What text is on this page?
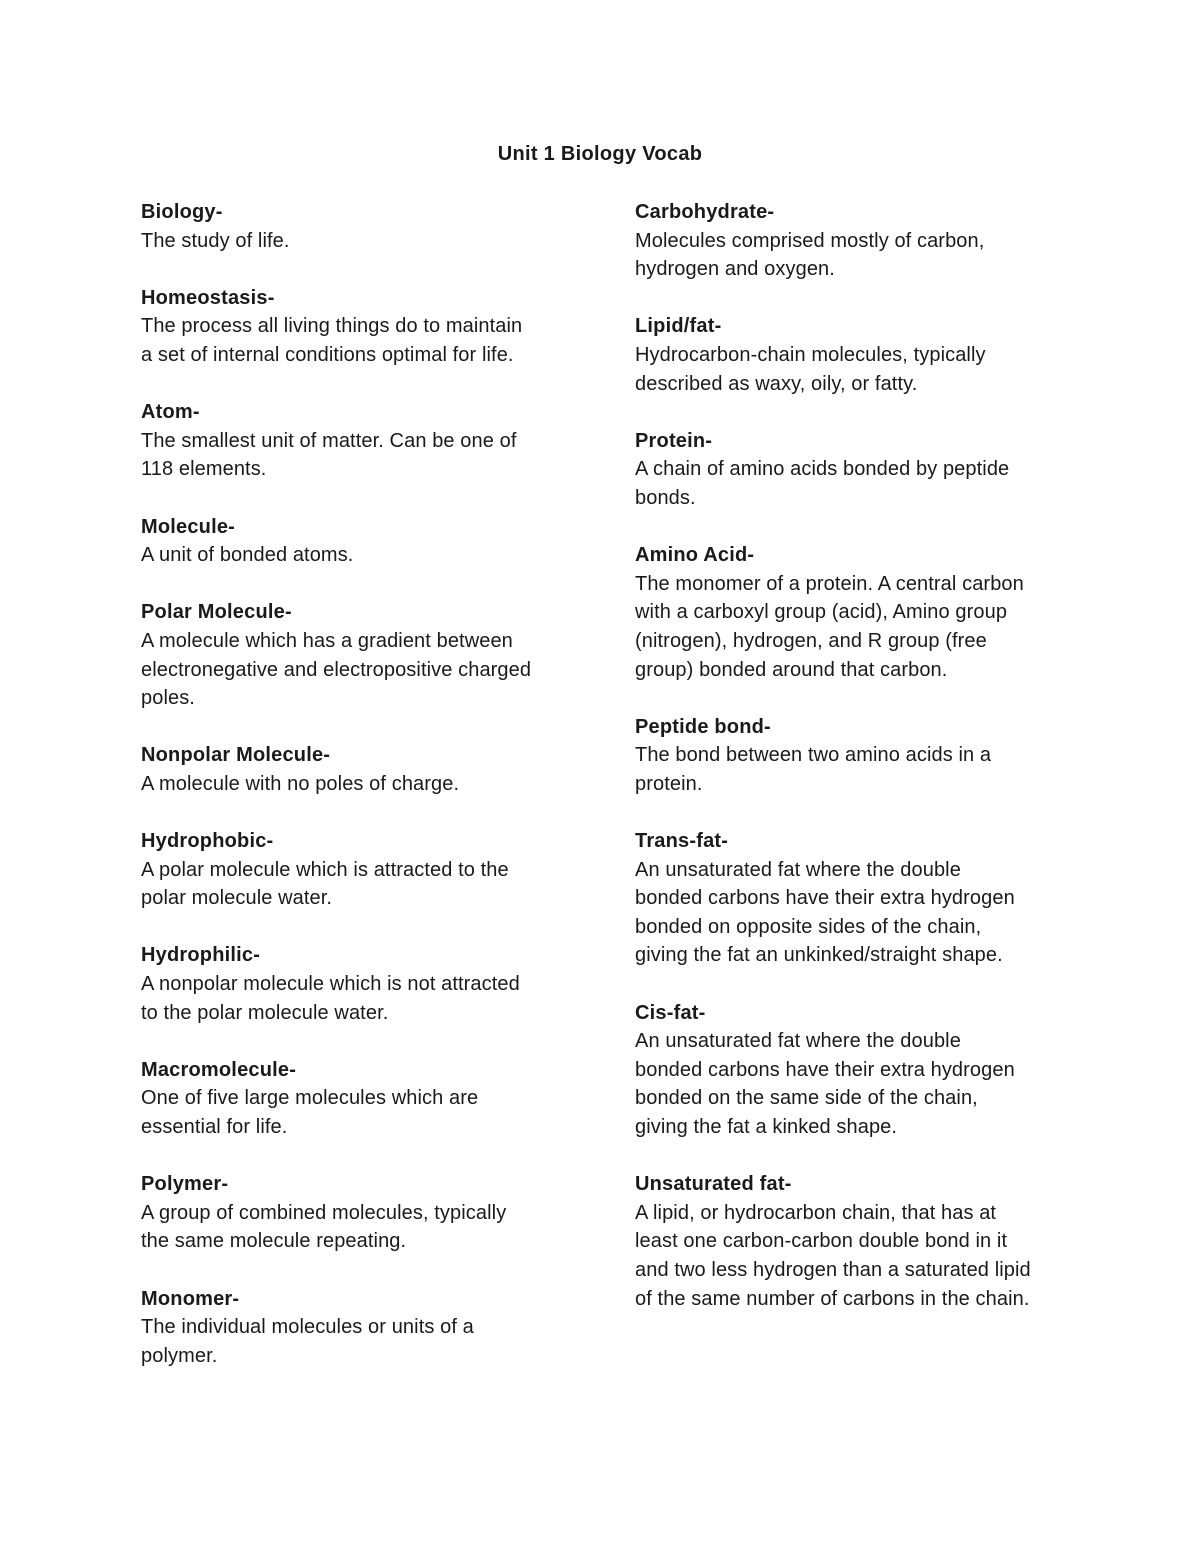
Unit 1 Biology Vocab
Biology-
The study of life.
Homeostasis-
The process all living things do to maintain
a set of internal conditions optimal for life.
Atom-
The smallest unit of matter. Can be one of
118 elements.
Molecule-
A unit of bonded atoms.
Polar Molecule-
A molecule which has a gradient between
electronegative and electropositive charged
poles.
Nonpolar Molecule-
A molecule with no poles of charge.
Hydrophobic-
A polar molecule which is attracted to the
polar molecule water.
Hydrophilic-
A nonpolar molecule which is not attracted
to the polar molecule water.
Macromolecule-
One of five large molecules which are
essential for life.
Polymer-
A group of combined molecules, typically
the same molecule repeating.
Monomer-
The individual molecules or units of a
polymer.
Carbohydrate-
Molecules comprised mostly of carbon,
hydrogen and oxygen.
Lipid/fat-
Hydrocarbon-chain molecules, typically
described as waxy, oily, or fatty.
Protein-
A chain of amino acids bonded by peptide
bonds.
Amino Acid-
The monomer of a protein. A central carbon
with a carboxyl group (acid), Amino group
(nitrogen), hydrogen, and R group (free
group) bonded around that carbon.
Peptide bond-
The bond between two amino acids in a
protein.
Trans-fat-
An unsaturated fat where the double
bonded carbons have their extra hydrogen
bonded on opposite sides of the chain,
giving the fat an unkinked/straight shape.
Cis-fat-
An unsaturated fat where the double
bonded carbons have their extra hydrogen
bonded on the same side of the chain,
giving the fat a kinked shape.
Unsaturated fat-
A lipid, or hydrocarbon chain, that has at
least one carbon-carbon double bond in it
and two less hydrogen than a saturated lipid
of the same number of carbons in the chain.
